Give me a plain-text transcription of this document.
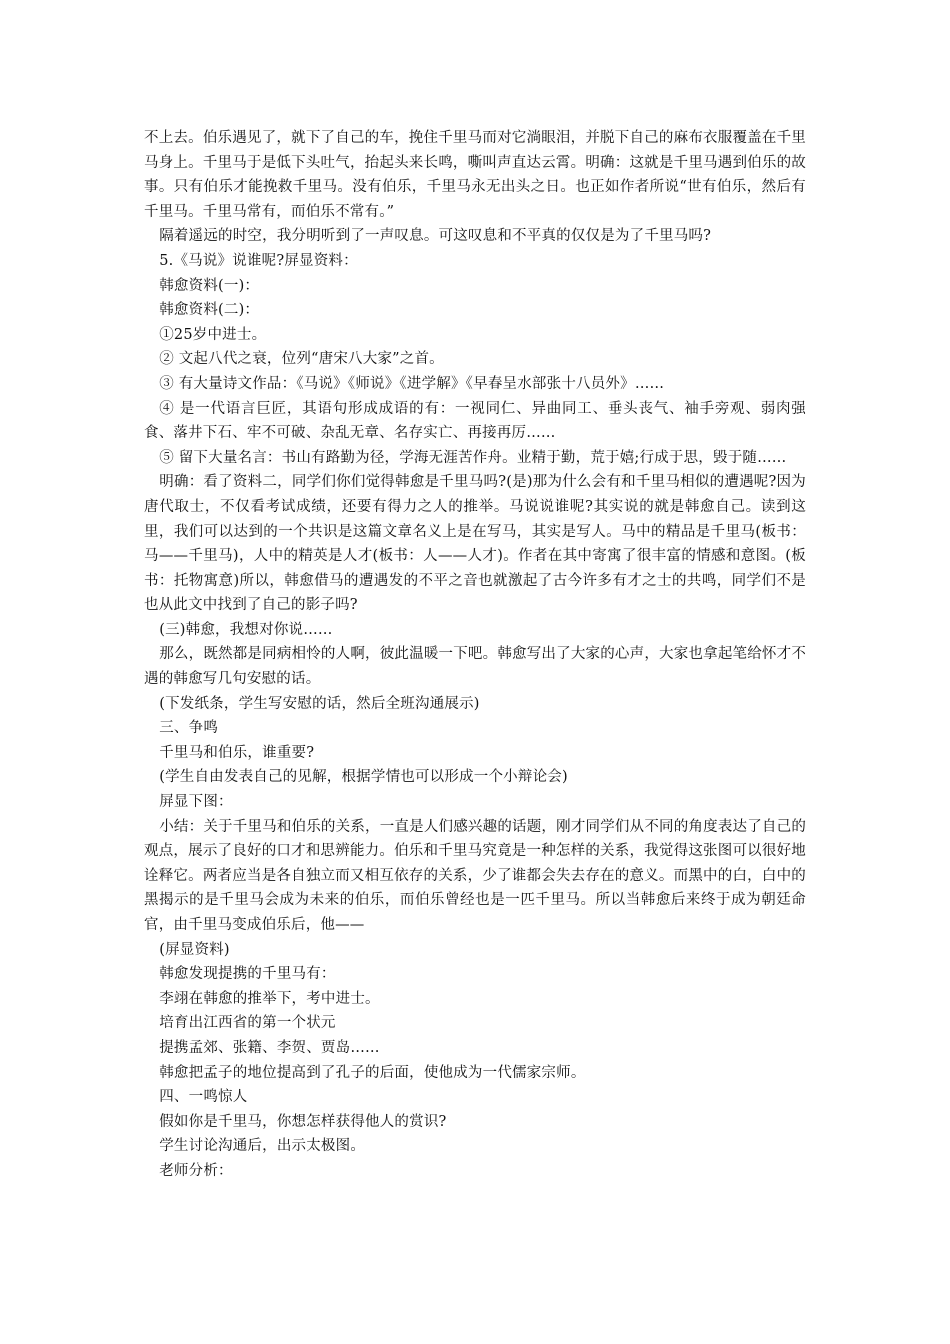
不上去。伯乐遇见了，就下了自己的车，挽住千里马而对它淌眼泪，并脱下自己的麻布衣服覆盖在千里马身上。千里马于是低下头吐气，抬起头来长鸣，嘶叫声直达云霄。明确：这就是千里马遇到伯乐的故事。只有伯乐才能挽救千里马。没有伯乐，千里马永无出头之日。也正如作者所说“世有伯乐，然后有千里马。千里马常有，而伯乐不常有。”

隔着遥远的时空，我分明听到了一声叹息。可这叹息和不平真的仅仅是为了千里马吗?

5.《马说》说谁呢?屏显资料：

韩愈资料(一)：

韩愈资料(二)：

①25岁中进士。

② 文起八代之衰，位列“唐宋八大家”之首。

③ 有大量诗文作品：《马说》《师说》《进学解》《早春呈水部张十八员外》……

④ 是一代语言巨匠，其语句形成成语的有：一视同仁、异曲同工、垂头丧气、袖手旁观、弱肉强食、落井下石、牢不可破、杂乱无章、名存实亡、再接再厉……

⑤ 留下大量名言：书山有路勤为径，学海无涯苦作舟。业精于勤，荒于嬉;行成于思，毁于随……

明确：看了资料二，同学们你们觉得韩愈是千里马吗?(是)那为什么会有和千里马相似的遭遇呢?因为唐代取士，不仅看考试成绩，还要有得力之人的推举。马说说谁呢?其实说的就是韩愈自己。读到这里，我们可以达到的一个共识是这篇文章名义上是在写马，其实是写人。马中的精品是千里马(板书：马——千里马)，人中的精英是人才(板书：人——人才)。作者在其中寄寓了很丰富的情感和意图。(板书：托物寓意)所以，韩愈借马的遭遇发的不平之音也就激起了古今许多有才之士的共鸣，同学们不是也从此文中找到了自己的影子吗?

(三)韩愈，我想对你说……

那么，既然都是同病相怜的人啊，彼此温暖一下吧。韩愈写出了大家的心声，大家也拿起笔给怀才不遇的韩愈写几句安慰的话。

(下发纸条，学生写安慰的话，然后全班沟通展示)

三、争鸣

千里马和伯乐，谁重要?

(学生自由发表自己的见解，根据学情也可以形成一个小辩论会)

屏显下图：

小结：关于千里马和伯乐的关系，一直是人们感兴趣的话题，刚才同学们从不同的角度表达了自己的观点，展示了良好的口才和思辨能力。伯乐和千里马究竟是一种怎样的关系，我觉得这张图可以很好地诠释它。两者应当是各自独立而又相互依存的关系，少了谁都会失去存在的意义。而黑中的白，白中的黑揭示的是千里马会成为未来的伯乐，而伯乐曾经也是一匹千里马。所以当韩愈后来终于成为朝廷命官，由千里马变成伯乐后，他——

(屏显资料)

韩愈发现提携的千里马有：

李翊在韩愈的推举下，考中进士。

培育出江西省的第一个状元

提携孟郊、张籍、李贺、贾岛……

韩愈把孟子的地位提高到了孔子的后面，使他成为一代儒家宗师。

四、一鸣惊人

假如你是千里马，你想怎样获得他人的赏识?

学生讨论沟通后，出示太极图。

老师分析：
